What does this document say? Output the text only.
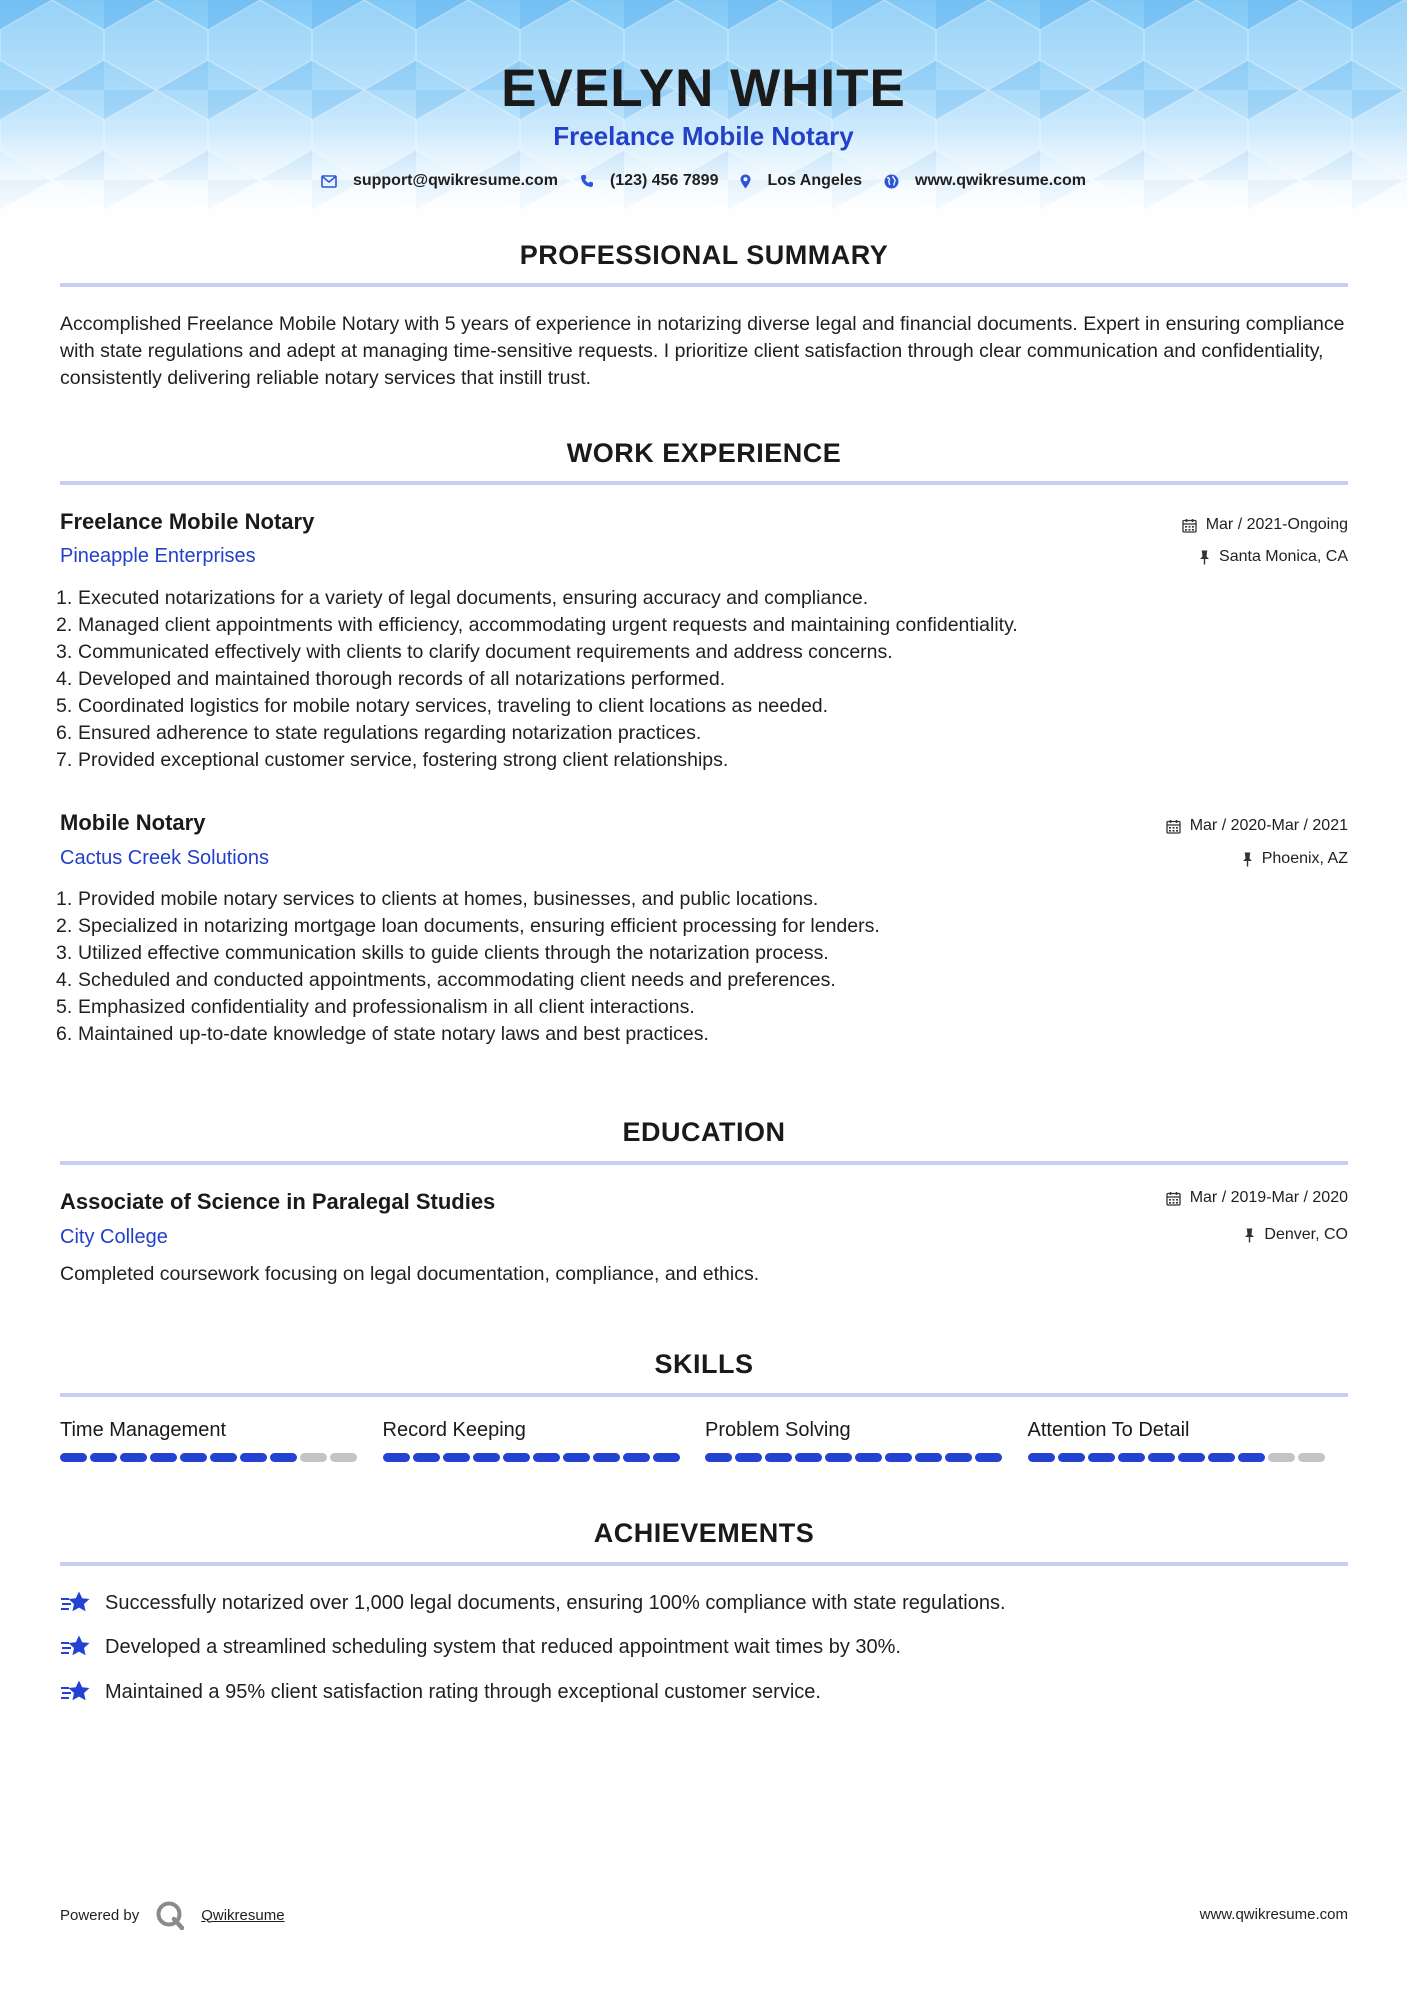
EVELYN WHITE
Freelance Mobile Notary
support@qwikresume.com	(123) 456 7899	Los Angeles	www.qwikresume.com
PROFESSIONAL SUMMARY
Accomplished Freelance Mobile Notary with 5 years of experience in notarizing diverse legal and financial documents. Expert in ensuring compliance with state regulations and adept at managing time-sensitive requests. I prioritize client satisfaction through clear communication and confidentiality, consistently delivering reliable notary services that instill trust.
WORK EXPERIENCE
Freelance Mobile Notary	Mar / 2021-Ongoing
Pineapple Enterprises	Santa Monica, CA
1. Executed notarizations for a variety of legal documents, ensuring accuracy and compliance.
2. Managed client appointments with efficiency, accommodating urgent requests and maintaining confidentiality.
3. Communicated effectively with clients to clarify document requirements and address concerns.
4. Developed and maintained thorough records of all notarizations performed.
5. Coordinated logistics for mobile notary services, traveling to client locations as needed.
6. Ensured adherence to state regulations regarding notarization practices.
7. Provided exceptional customer service, fostering strong client relationships.
Mobile Notary	Mar / 2020-Mar / 2021
Cactus Creek Solutions	Phoenix, AZ
1. Provided mobile notary services to clients at homes, businesses, and public locations.
2. Specialized in notarizing mortgage loan documents, ensuring efficient processing for lenders.
3. Utilized effective communication skills to guide clients through the notarization process.
4. Scheduled and conducted appointments, accommodating client needs and preferences.
5. Emphasized confidentiality and professionalism in all client interactions.
6. Maintained up-to-date knowledge of state notary laws and best practices.
EDUCATION
Associate of Science in Paralegal Studies	Mar / 2019-Mar / 2020
City College	Denver, CO
Completed coursework focusing on legal documentation, compliance, and ethics.
SKILLS
Time Management	Record Keeping	Problem Solving	Attention To Detail
ACHIEVEMENTS
Successfully notarized over 1,000 legal documents, ensuring 100% compliance with state regulations.
Developed a streamlined scheduling system that reduced appointment wait times by 30%.
Maintained a 95% client satisfaction rating through exceptional customer service.
Powered by	Qwikresume	www.qwikresume.com
